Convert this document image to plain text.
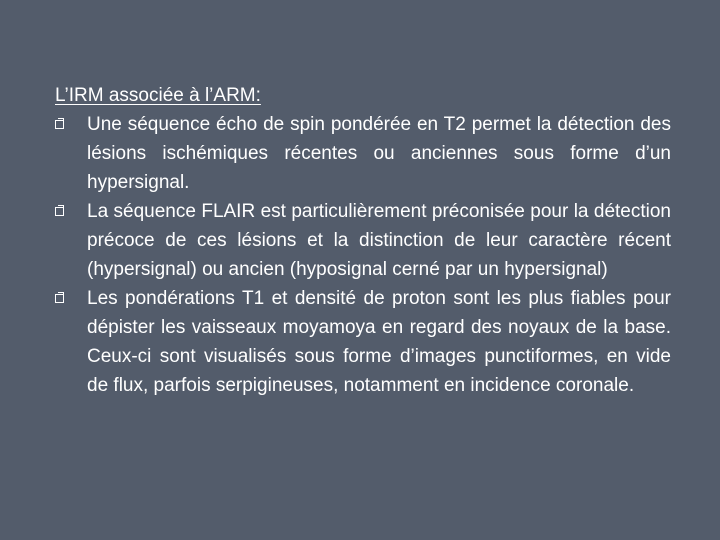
L’IRM associée à l’ARM:

Une séquence écho de spin pondérée en T2 permet la détection des lésions ischémiques récentes ou anciennes sous forme d’un hypersignal.
La séquence FLAIR est particulièrement préconisée pour la détection précoce de ces lésions et la distinction de leur caractère récent (hypersignal) ou ancien (hyposignal cerné par un hypersignal)
Les pondérations T1 et densité de proton sont les plus fiables pour dépister les vaisseaux moyamoya en regard des noyaux de la base. Ceux-ci sont visualisés sous forme d’images punctiformes, en vide de flux, parfois serpigineuses, notamment en incidence coronale.
